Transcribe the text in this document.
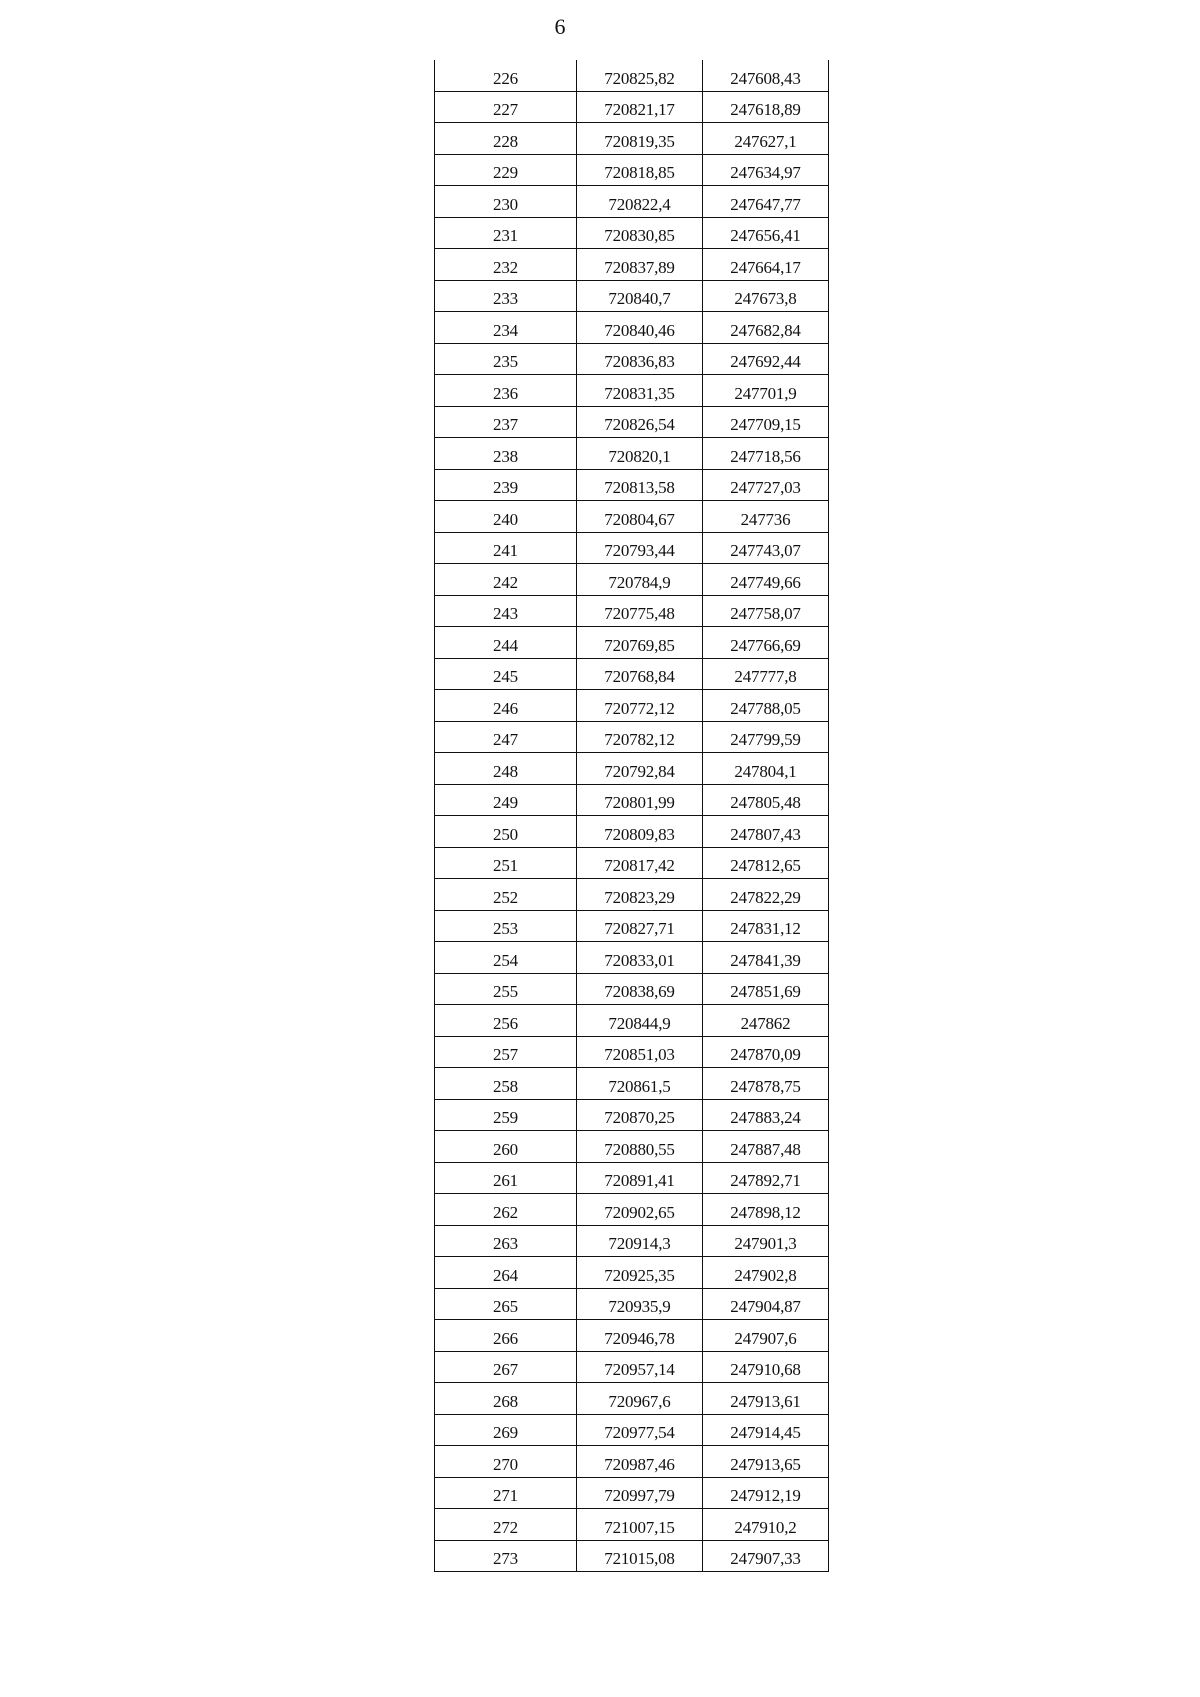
6
226	720825,82	247608,43
227	720821,17	247618,89
228	720819,35	247627,1
229	720818,85	247634,97
230	720822,4	247647,77
231	720830,85	247656,41
232	720837,89	247664,17
233	720840,7	247673,8
234	720840,46	247682,84
235	720836,83	247692,44
236	720831,35	247701,9
237	720826,54	247709,15
238	720820,1	247718,56
239	720813,58	247727,03
240	720804,67	247736
241	720793,44	247743,07
242	720784,9	247749,66
243	720775,48	247758,07
244	720769,85	247766,69
245	720768,84	247777,8
246	720772,12	247788,05
247	720782,12	247799,59
248	720792,84	247804,1
249	720801,99	247805,48
250	720809,83	247807,43
251	720817,42	247812,65
252	720823,29	247822,29
253	720827,71	247831,12
254	720833,01	247841,39
255	720838,69	247851,69
256	720844,9	247862
257	720851,03	247870,09
258	720861,5	247878,75
259	720870,25	247883,24
260	720880,55	247887,48
261	720891,41	247892,71
262	720902,65	247898,12
263	720914,3	247901,3
264	720925,35	247902,8
265	720935,9	247904,87
266	720946,78	247907,6
267	720957,14	247910,68
268	720967,6	247913,61
269	720977,54	247914,45
270	720987,46	247913,65
271	720997,79	247912,19
272	721007,15	247910,2
273	721015,08	247907,33
